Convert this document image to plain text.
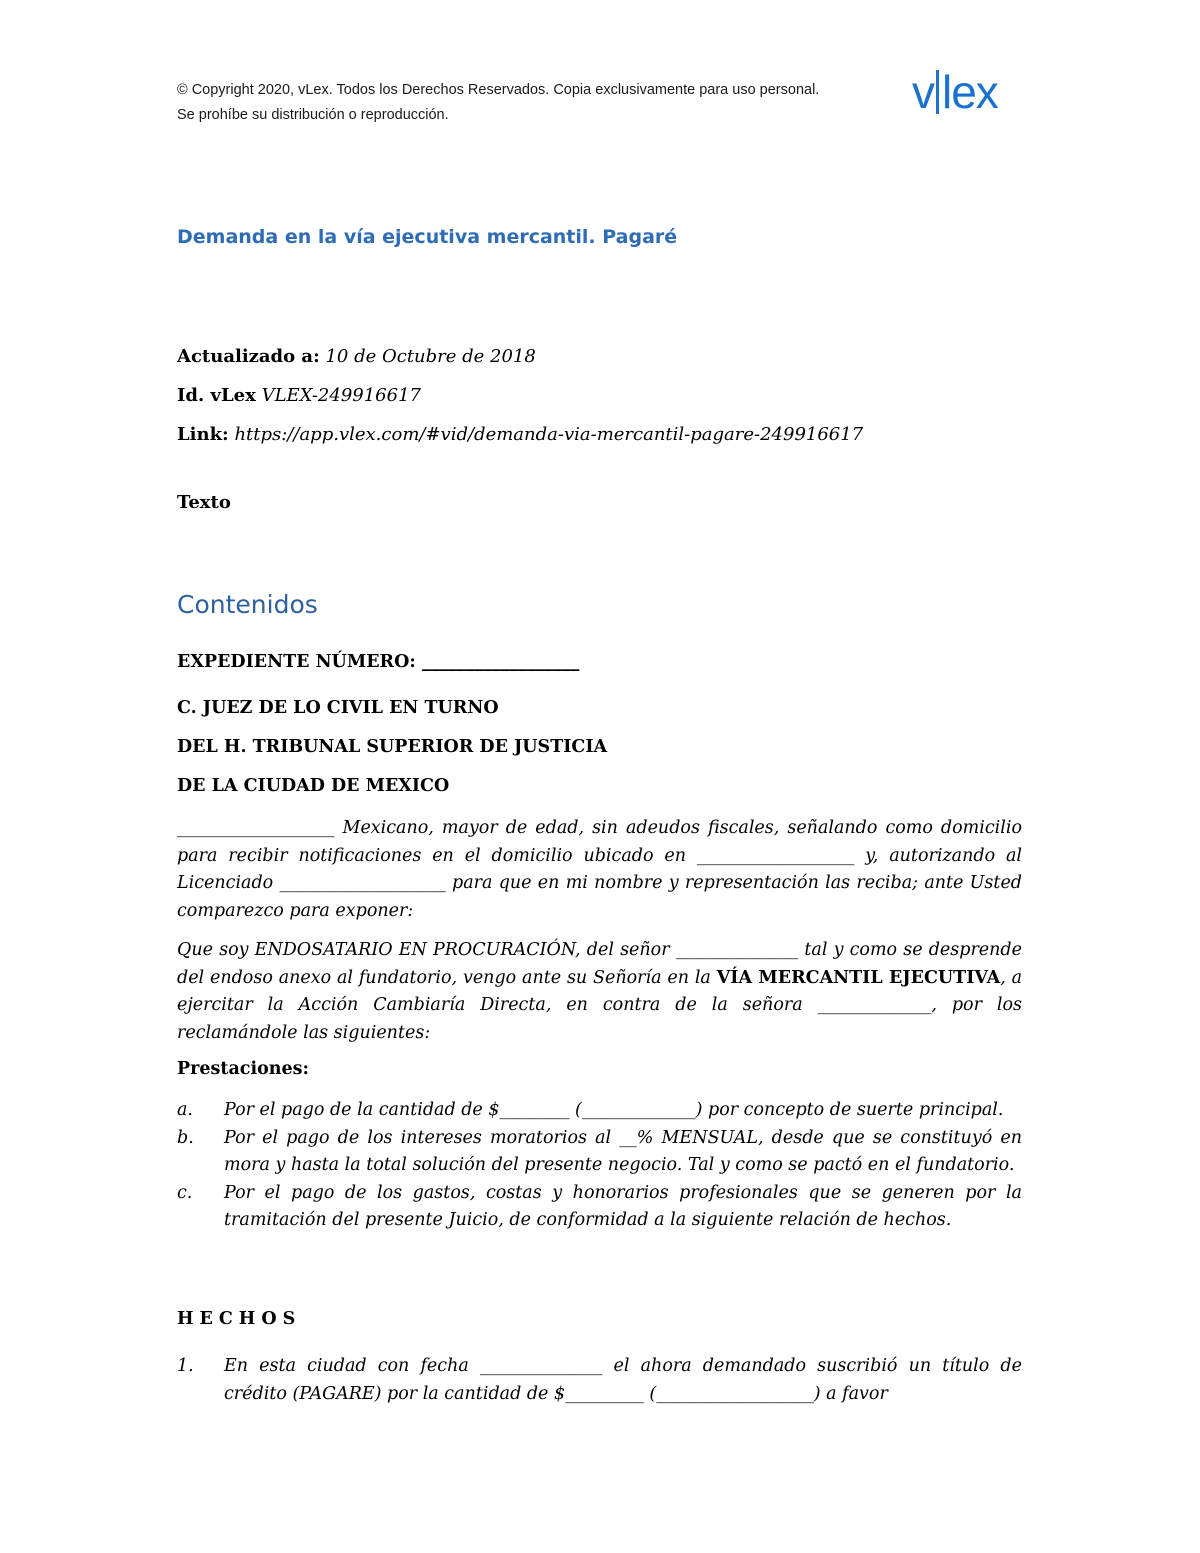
© Copyright 2020, vLex. Todos los Derechos Reservados. Copia exclusivamente para uso personal.
Se prohíbe su distribución o reproducción.	v lex
Demanda en la vía ejecutiva mercantil. Pagaré
Actualizado a: 10 de Octubre de 2018
Id. vLex VLEX-249916617
Link: https://app.vlex.com/#vid/demanda-via-mercantil-pagare-249916617
Texto
Contenidos
EXPEDIENTE NÚMERO: __________________
C. JUEZ DE LO CIVIL EN TURNO
DEL H. TRIBUNAL SUPERIOR DE JUSTICIA
DE LA CIUDAD DE MEXICO
__________________ Mexicano, mayor de edad, sin adeudos fiscales, señalando como domicilio para recibir notificaciones en el domicilio ubicado en __________________ y, autorizando al Licenciado ___________________ para que en mi nombre y representación las reciba; ante Usted comparezco para exponer:
Que soy ENDOSATARIO EN PROCURACIÓN, del señor ______________ tal y como se desprende del endoso anexo al fundatorio, vengo ante su Señoría en la VÍA MERCANTIL EJECUTIVA, a ejercitar la Acción Cambiaría Directa, en contra de la señora _____________, por los reclamándole las siguientes:
Prestaciones:
a. Por el pago de la cantidad de $________ (_____________) por concepto de suerte principal.
b. Por el pago de los intereses moratorios al __% MENSUAL, desde que se constituyó en mora y hasta la total solución del presente negocio. Tal y como se pactó en el fundatorio.
c. Por el pago de los gastos, costas y honorarios profesionales que se generen por la tramitación del presente Juicio, de conformidad a la siguiente relación de hechos.
HECHOS
1. En esta ciudad con fecha ______________ el ahora demandado suscribió un título de crédito (PAGARE) por la cantidad de $_________ (__________________) a favor
